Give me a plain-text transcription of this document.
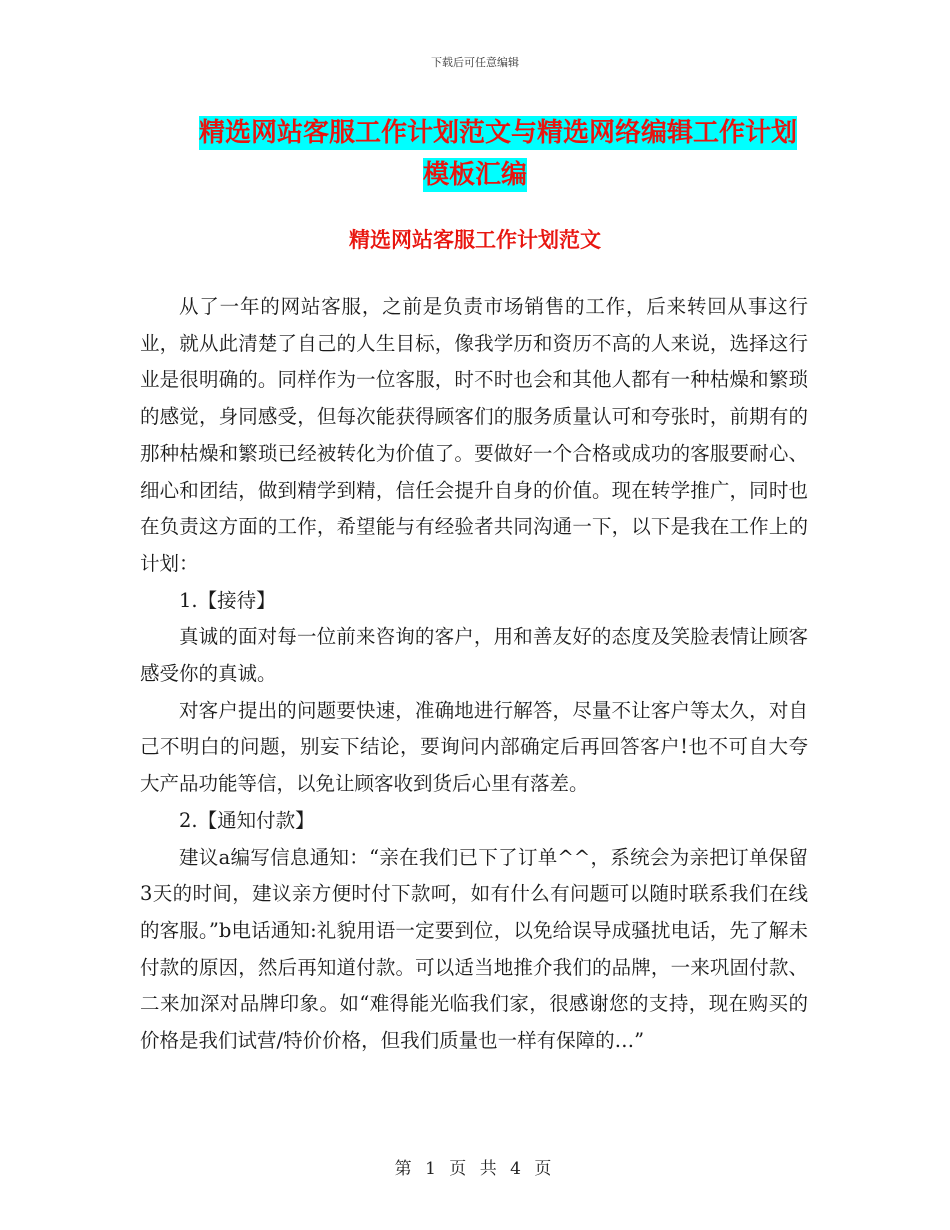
下载后可任意编辑
精选网站客服工作计划范文与精选网络编辑工作计划
模板汇编
精选网站客服工作计划范文

从了一年的网站客服，之前是负责市场销售的工作，后来转回从事这行业，就从此清楚了自己的人生目标，像我学历和资历不高的人来说，选择这行业是很明确的。同样作为一位客服，时不时也会和其他人都有一种枯燥和繁琐的感觉，身同感受，但每次能获得顾客们的服务质量认可和夸张时，前期有的那种枯燥和繁琐已经被转化为价值了。要做好一个合格或成功的客服要耐心、细心和团结，做到精学到精，信任会提升自身的价值。现在转学推广，同时也在负责这方面的工作，希望能与有经验者共同沟通一下，以下是我在工作上的计划：

1.【接待】

真诚的面对每一位前来咨询的客户，用和善友好的态度及笑脸表情让顾客感受你的真诚。

对客户提出的问题要快速，准确地进行解答，尽量不让客户等太久，对自己不明白的问题，别妄下结论，要询问内部确定后再回答客户!也不可自大夸大产品功能等信，以免让顾客收到货后心里有落差。

2.【通知付款】

建议a编写信息通知：“亲在我们已下了订单^^，系统会为亲把订单保留3天的时间，建议亲方便时付下款呵，如有什么有问题可以随时联系我们在线的客服。”b电话通知:礼貌用语一定要到位，以免给误导成骚扰电话，先了解未付款的原因，然后再知道付款。可以适当地推介我们的品牌，一来巩固付款、二来加深对品牌印象。如“难得能光临我们家，很感谢您的支持，现在购买的价格是我们试营/特价价格，但我们质量也一样有保障的…”

第 1 页 共 4 页
